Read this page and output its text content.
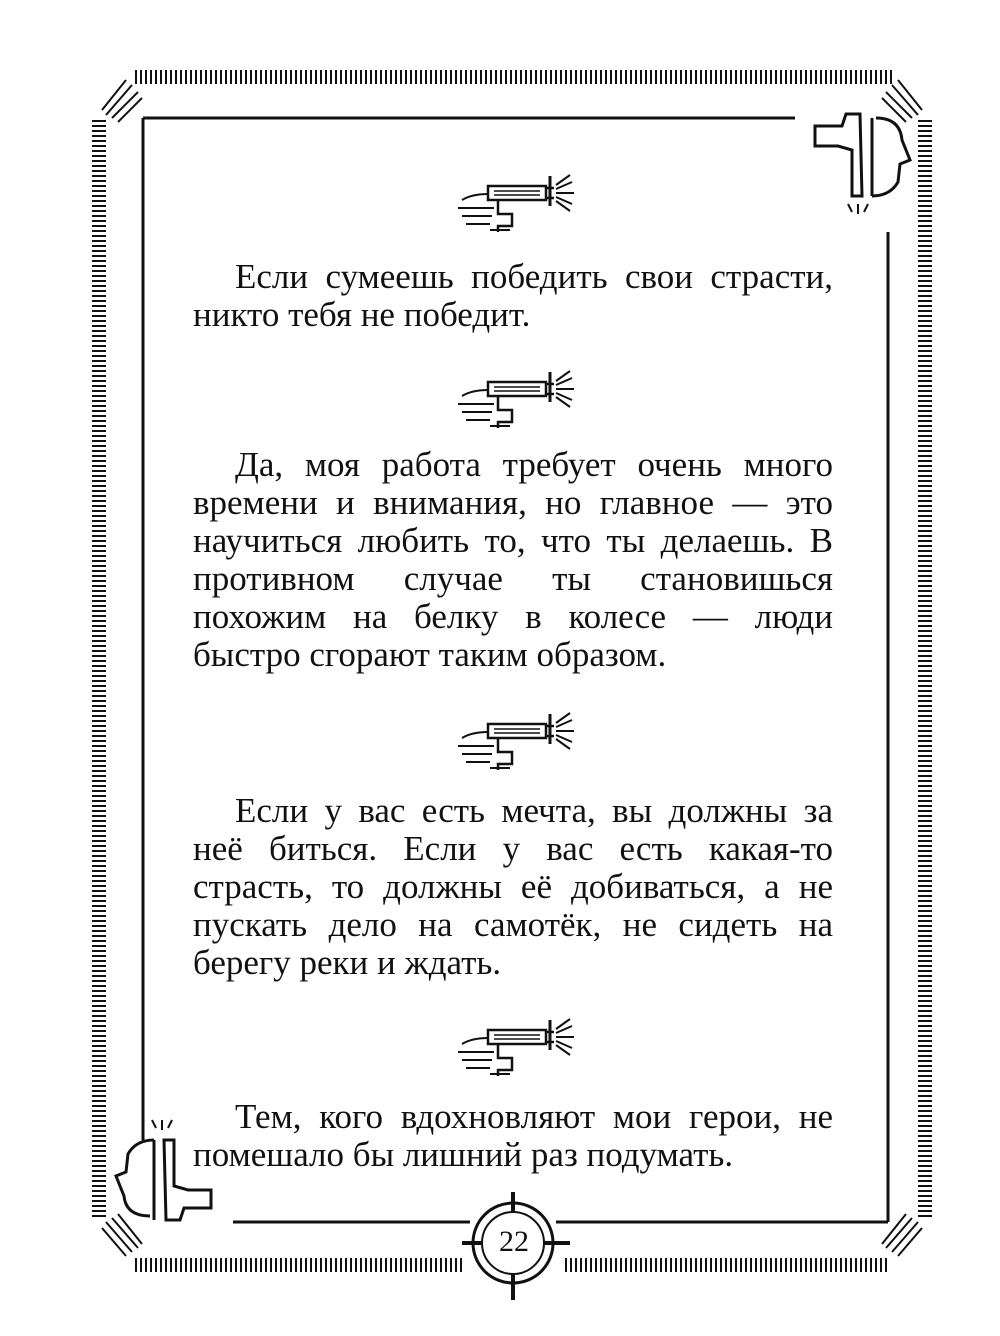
Если сумеешь победить свои страсти, никто тебя не победит.

Да, моя работа требует очень много времени и внимания, но главное — это научиться любить то, что ты делаешь. В противном случае ты становишься похожим на белку в колесе — люди быстро сгорают таким образом.

Если у вас есть мечта, вы должны за неё биться. Если у вас есть какая-то страсть, то должны её добиваться, а не пускать дело на самотёк, не сидеть на берегу реки и ждать.

Тем, кого вдохновляют мои герои, не помешало бы лишний раз подумать.

22
